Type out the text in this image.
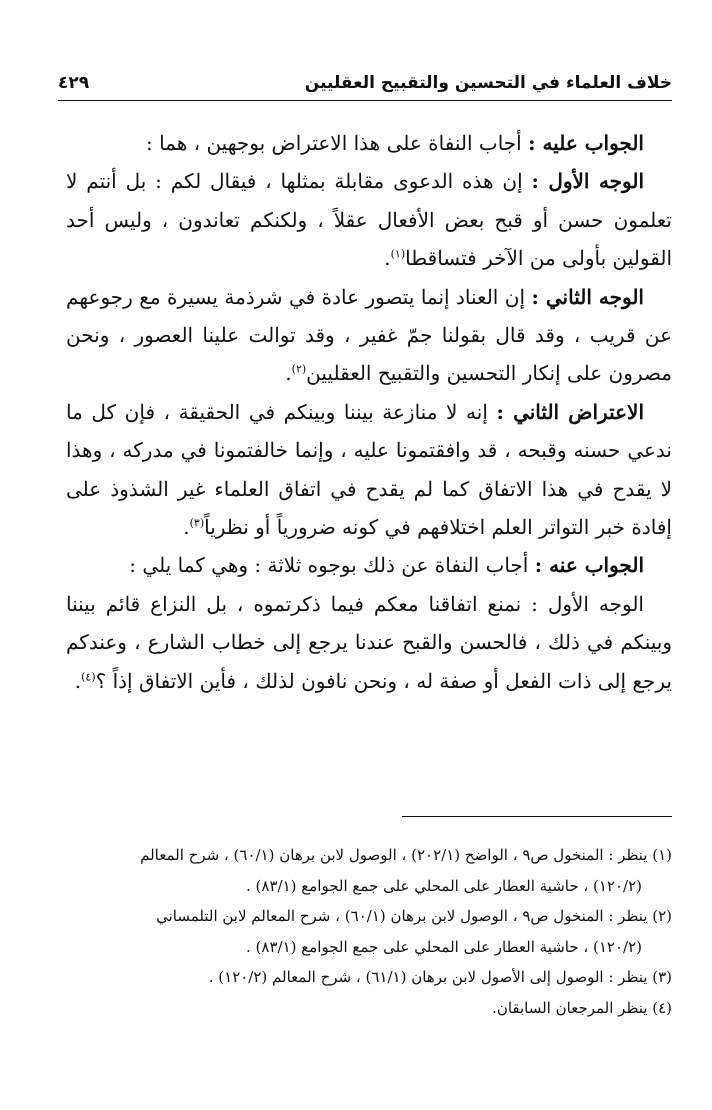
خلاف العلماء في التحسين والتقبيح العقليين
٤٢٩

الجواب عليه : أجاب النفاة على هذا الاعتراض بوجهين ، هما :

الوجه الأول : إن هذه الدعوى مقابلة بمثلها ، فيقال لكم : بل أنتم لا تعلمون حسن أو قبح بعض الأفعال عقلاً ، ولكنكم تعاندون ، وليس أحد القولين بأولى من الآخر فتساقطا$^{(١)}$.

الوجه الثاني : إن العناد إنما يتصور عادة في شرذمة يسيرة مع رجوعهم عن قريب ، وقد قال بقولنا جمّ غفير ، وقد توالت علينا العصور ، ونحن مصرون على إنكار التحسين والتقبيح العقليين$^{(٢)}$.

الاعتراض الثاني : إنه لا منازعة بيننا وبينكم في الحقيقة ، فإن كل ما ندعي حسنه وقبحه ، قد وافقتمونا عليه ، وإنما خالفتمونا في مدركه ، وهذا لا يقدح في هذا الاتفاق كما لم يقدح في اتفاق العلماء غير الشذوذ على إفادة خبر التواتر العلم اختلافهم في كونه ضرورياً أو نظرياً$^{(٣)}$.

الجواب عنه : أجاب النفاة عن ذلك بوجوه ثلاثة : وهي كما يلي :

الوجه الأول : نمنع اتفاقنا معكم فيما ذكرتموه ، بل النزاع قائم بيننا وبينكم في ذلك ، فالحسن والقبح عندنا يرجع إلى خطاب الشارع ، وعندكم يرجع إلى ذات الفعل أو صفة له ، ونحن نافون لذلك ، فأين الاتفاق إذاً ؟$^{(٤)}$.

(١) ينظر : المنخول ص٩ ، الواضح (٢٠٢/١) ، الوصول لابن برهان (٦٠/١) ، شرح المعالم

(١٢٠/٢) ، حاشية العطار على المحلي على جمع الجوامع (٨٣/١) .

(٢) ينظر : المنخول ص٩ ، الوصول لابن برهان (٦٠/١) ، شرح المعالم لابن التلمساني

(١٢٠/٢) ، حاشية العطار على المحلي على جمع الجوامع (٨٣/١) .

(٣) ينظر : الوصول إلى الأصول لابن برهان (٦١/١) ، شرح المعالم (١٢٠/٢) .

(٤) ينظر المرجعان السابقان.
